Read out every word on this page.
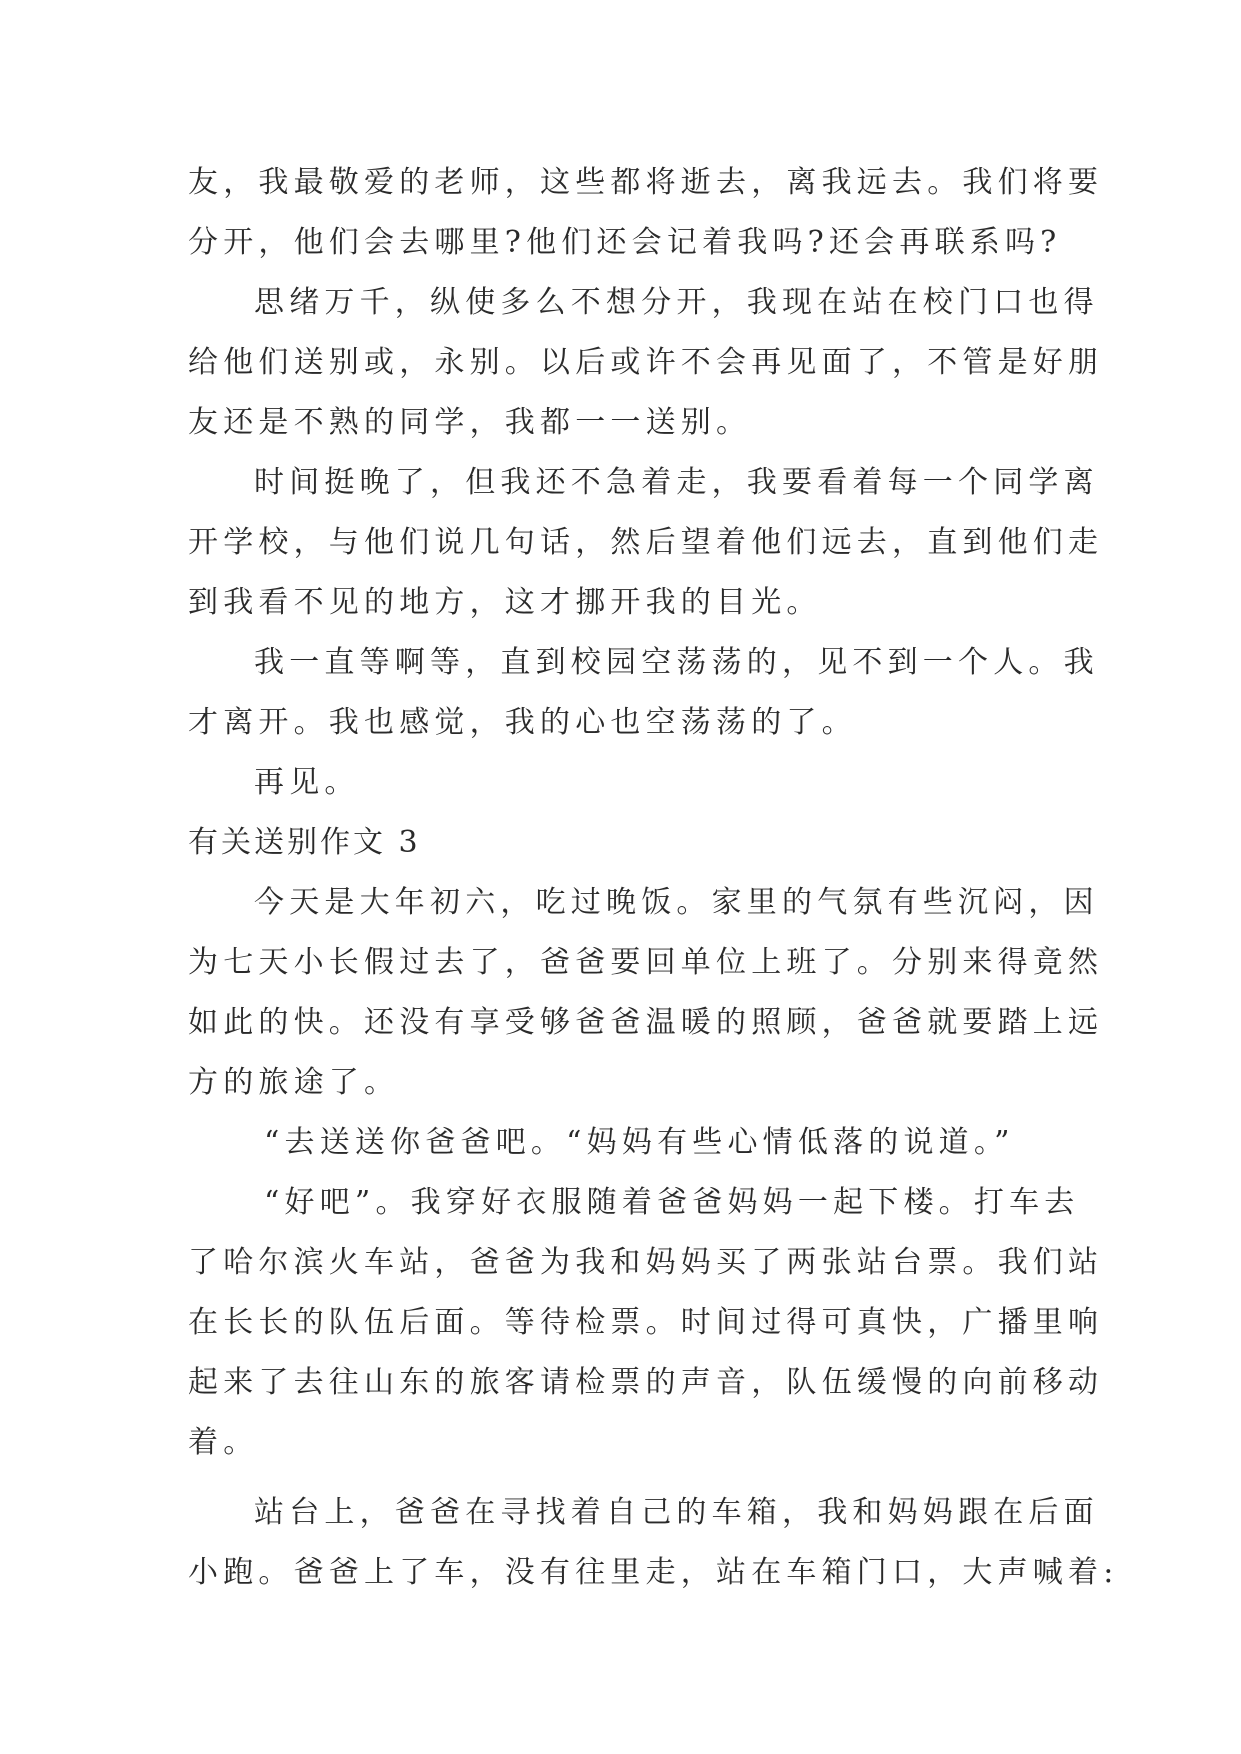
友，我最敬爱的老师，这些都将逝去，离我远去。我们将要
分开，他们会去哪里?他们还会记着我吗?还会再联系吗?
思绪万千，纵使多么不想分开，我现在站在校门口也得
给他们送别或，永别。以后或许不会再见面了，不管是好朋
友还是不熟的同学，我都一一送别。
时间挺晚了，但我还不急着走，我要看着每一个同学离
开学校，与他们说几句话，然后望着他们远去，直到他们走
到我看不见的地方，这才挪开我的目光。
我一直等啊等，直到校园空荡荡的，见不到一个人。我
才离开。我也感觉，我的心也空荡荡的了。
再见。
有关送别作文 3
今天是大年初六，吃过晚饭。家里的气氛有些沉闷，因
为七天小长假过去了，爸爸要回单位上班了。分别来得竟然
如此的快。还没有享受够爸爸温暖的照顾，爸爸就要踏上远
方的旅途了。
“去送送你爸爸吧。“妈妈有些心情低落的说道。”
“好吧”。我穿好衣服随着爸爸妈妈一起下楼。打车去
了哈尔滨火车站，爸爸为我和妈妈买了两张站台票。我们站
在长长的队伍后面。等待检票。时间过得可真快，广播里响
起来了去往山东的旅客请检票的声音，队伍缓慢的向前移动
着。
站台上，爸爸在寻找着自己的车箱，我和妈妈跟在后面
小跑。爸爸上了车，没有往里走，站在车箱门口，大声喊着:
